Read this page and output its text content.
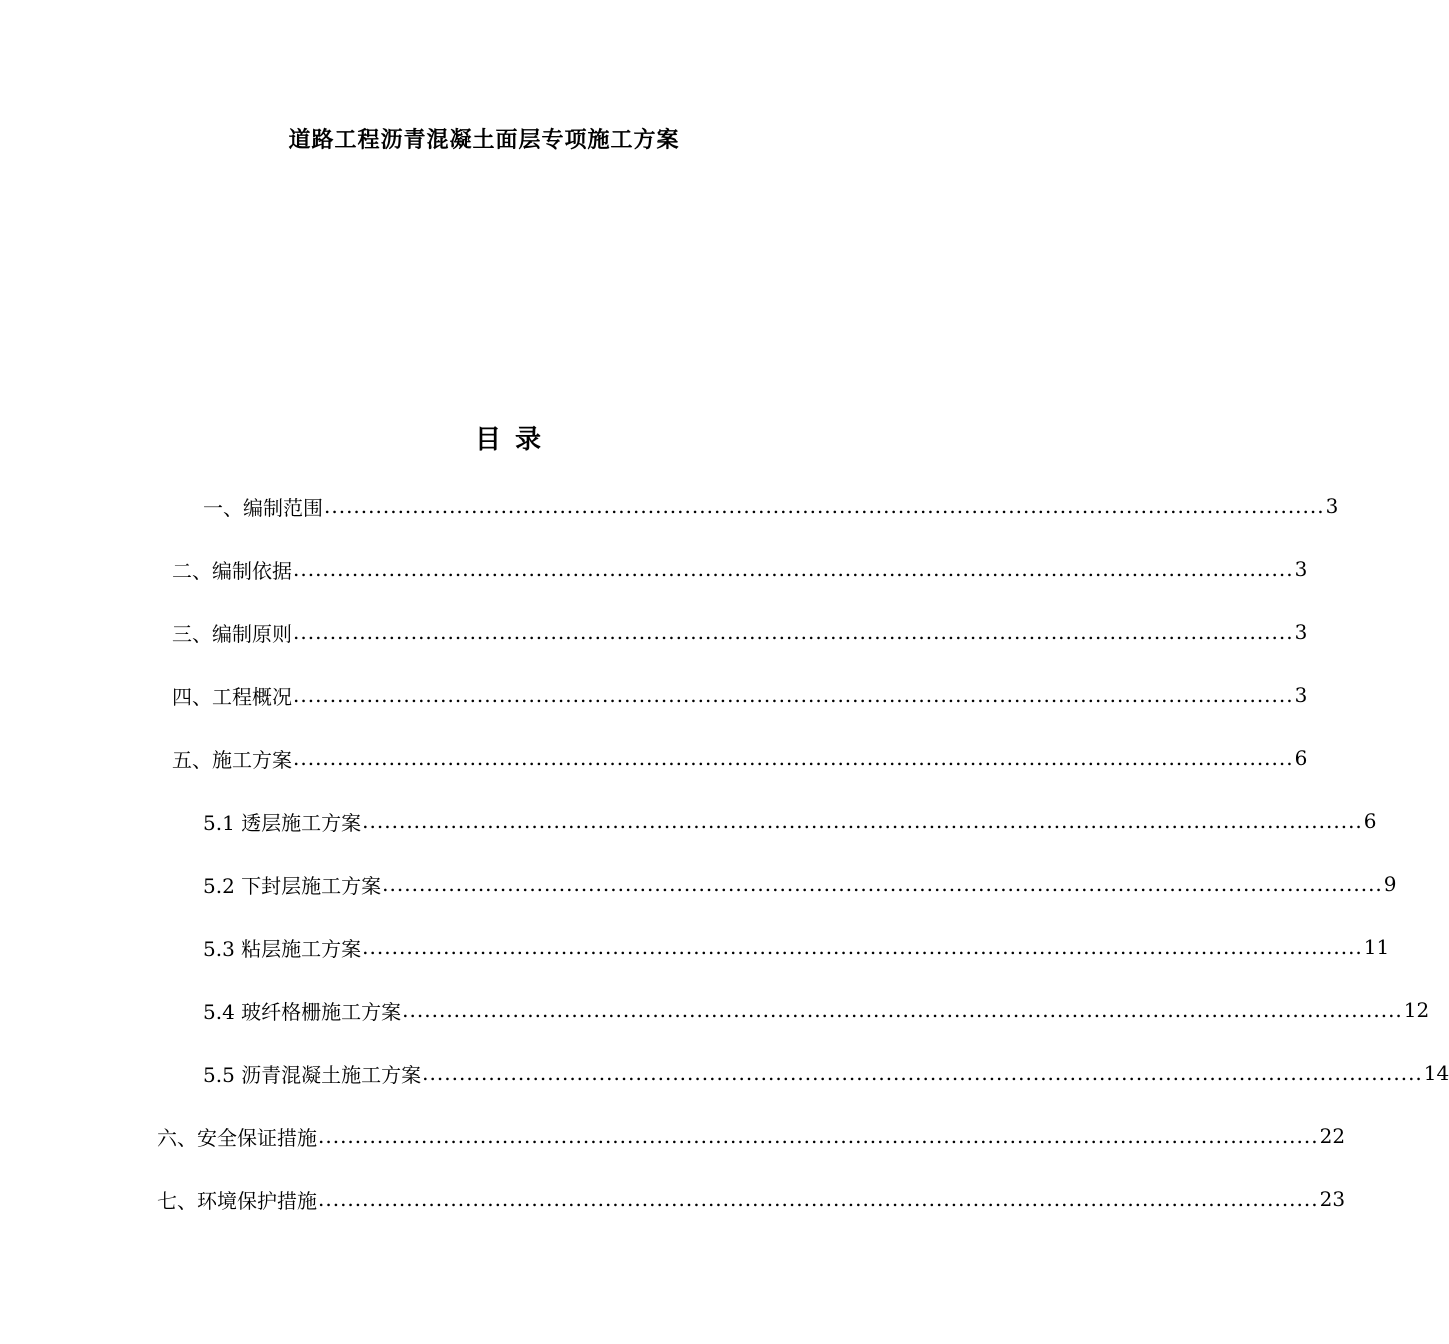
道路工程沥青混凝土面层专项施工方案
目录
一、编制范围 ........................................................................................................................................ 3
二、编制依据 ........................................................................................................................................ 3
三、编制原则 ........................................................................................................................................ 3
四、工程概况 ........................................................................................................................................ 3
五、施工方案 ........................................................................................................................................ 6
5.1 透层施工方案 ........................................................................................................................................ 6
5.2 下封层施工方案 ........................................................................................................................................ 9
5.3 粘层施工方案 ........................................................................................................................................ 11
5.4 玻纤格栅施工方案 ........................................................................................................................................ 12
5.5 沥青混凝土施工方案 ........................................................................................................................................ 14
六、安全保证措施 ........................................................................................................................................ 22
七、环境保护措施 ........................................................................................................................................ 23
